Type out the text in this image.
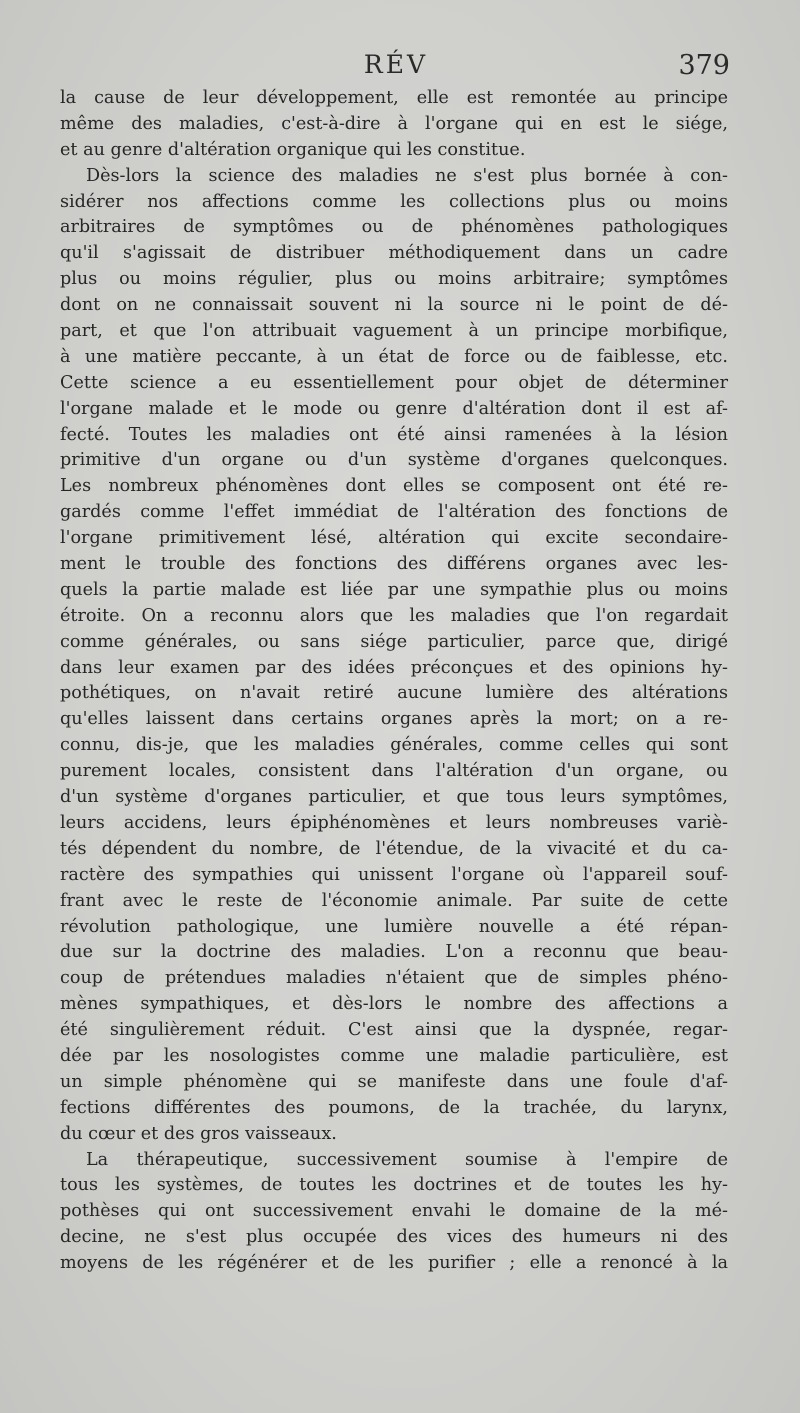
RÉV	379
la cause de leur développement, elle est remontée au principe
même des maladies, c'est-à-dire à l'organe qui en est le siége,
et au genre d'altération organique qui les constitue.
Dès-lors la science des maladies ne s'est plus bornée à con-
sidérer nos affections comme les collections plus ou moins
arbitraires de symptômes ou de phénomènes pathologiques
qu'il s'agissait de distribuer méthodiquement dans un cadre
plus ou moins régulier, plus ou moins arbitraire; symptômes
dont on ne connaissait souvent ni la source ni le point de dé-
part, et que l'on attribuait vaguement à un principe morbifique,
à une matière peccante, à un état de force ou de faiblesse, etc.
Cette science a eu essentiellement pour objet de déterminer
l'organe malade et le mode ou genre d'altération dont il est af-
fecté. Toutes les maladies ont été ainsi ramenées à la lésion
primitive d'un organe ou d'un système d'organes quelconques.
Les nombreux phénomènes dont elles se composent ont été re-
gardés comme l'effet immédiat de l'altération des fonctions de
l'organe primitivement lésé, altération qui excite secondaire-
ment le trouble des fonctions des différens organes avec les-
quels la partie malade est liée par une sympathie plus ou moins
étroite. On a reconnu alors que les maladies que l'on regardait
comme générales, ou sans siége particulier, parce que, dirigé
dans leur examen par des idées préconçues et des opinions hy-
pothétiques, on n'avait retiré aucune lumière des altérations
qu'elles laissent dans certains organes après la mort; on a re-
connu, dis-je, que les maladies générales, comme celles qui sont
purement locales, consistent dans l'altération d'un organe, ou
d'un système d'organes particulier, et que tous leurs symptômes,
leurs accidens, leurs épiphénomènes et leurs nombreuses variè-
tés dépendent du nombre, de l'étendue, de la vivacité et du ca-
ractère des sympathies qui unissent l'organe où l'appareil souf-
frant avec le reste de l'économie animale. Par suite de cette
révolution pathologique, une lumière nouvelle a été répan-
due sur la doctrine des maladies. L'on a reconnu que beau-
coup de prétendues maladies n'étaient que de simples phéno-
mènes sympathiques, et dès-lors le nombre des affections a
été singulièrement réduit. C'est ainsi que la dyspnée, regar-
dée par les nosologistes comme une maladie particulière, est
un simple phénomène qui se manifeste dans une foule d'af-
fections différentes des poumons, de la trachée, du larynx,
du cœur et des gros vaisseaux.
La thérapeutique, successivement soumise à l'empire de
tous les systèmes, de toutes les doctrines et de toutes les hy-
pothèses qui ont successivement envahi le domaine de la mé-
decine, ne s'est plus occupée des vices des humeurs ni des
moyens de les régénérer et de les purifier ; elle a renoncé à la
